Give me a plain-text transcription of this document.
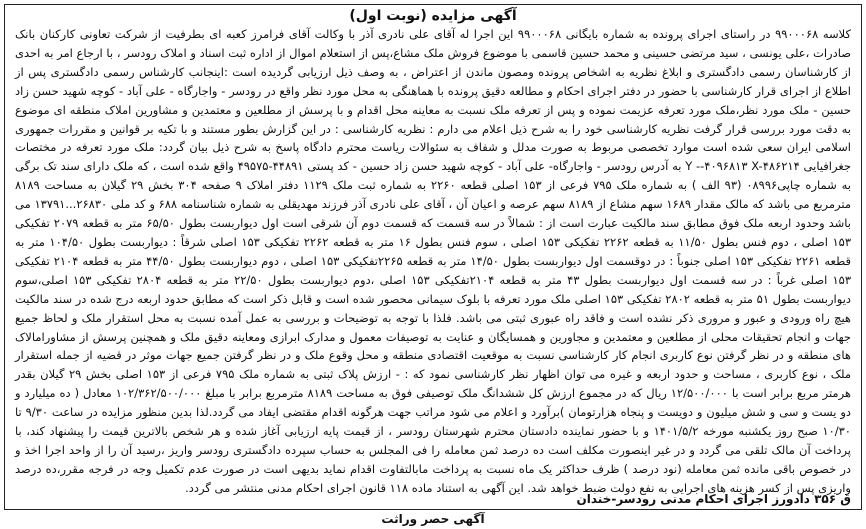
آگهی مزایده (نوبت اول)

کلاسه ۹۹۰۰۰۶۸ در راستای اجرای پرونده به شماره بایگانی ۹۹۰۰۰۶۸ این اجرا له آقای علی نادری آذر با وکالت آقای فرامرز کعبه ای بطرفیت از شرکت تعاونی کارکنان بانک صادرات ،علی یونسی ، سید مرتضی حسینی و محمد حسین قاسمی با موضوع فروش ملک مشاع،پس از استعلام اموال از اداره ثبت اسناد و املاک رودسر ، با ارجاع امر به احدی از کارشناسان رسمی دادگستری و ابلاغ نظریه به اشخاص پرونده ومصون ماندن از اعتراض ، به وصف ذیل ارزیابی گردیده است :اینجانب کارشناس رسمی دادگستری پس از اطلاع از اجرای قرار کارشناسی با حضور در دفتر اجرای احکام و مطالعه دقیق پرونده با هماهنگی به محل مورد نظر واقع در رودسر - واجارگاه - علی آباد - کوچه شهید حسن زاد حسین - ملک مورد نظر،ملک مورد تعرفه عزیمت نموده و پس از تعرفه ملک نسبت به معاینه محل اقدام و با پرسش از مطلعین و معتمدین و مشاورین املاک منطقه ای موضوع به دقت مورد بررسی قرار گرفت نظریه کارشناسی خود را به شرح ذیل اعلام می دارم : نظریه کارشناسی : در این گزارش بطور مستند و با تکیه بر قوانین و مقررات جمهوری اسلامی ایران سعی شده است موارد تخصصی مربوط به صورت مدلل و شفاف به سئوالات ریاست محترم دادگاه پاسخ به شرح ذیل بیان گردد: ملک مورد تعرفه در مختصات جغرافیایی Y --۴۰۹۶۸۱۳ X-۴۸۶۲۱۴ به آدرس رودسر - واجارگاه- علی آباد - کوچه شهید حسن زاد حسین - کد پستی ۴۴۸۹۱-۴۹۵۷۵ واقع شده است ، که ملک دارای سند تک برگی به شماره چاپی۰۸۹۹۶ (۹۳ الف ) به شماره ملک ۷۹۵ فرعی از ۱۵۳ اصلی قطعه ۲۲۶۰ به شماره ثبت ملک ۱۱۲۹ دفتر املاک ۹ صفحه ۳۰۴ بخش ۲۹ گیلان به مساحت ۸۱۸۹ مترمربع می باشد که مالک مقدار ۱۶۸۹ سهم مشاع از ۸۱۸۹ سهم عرصه و اعیان آن ، آقای علی نادری آذر فرزند مهدیقلی به شماره شناسنامه ۶۸۸ و کد ملی ۲۶۸۳۰...۱۳۷۹۱ می باشد وحدود اربعه ملک فوق مطابق سند مالکیت عبارت است از : شمالاً در سه قسمت که قسمت دوم آن شرقی است اول دیواربست بطول ۶۵/۵۰ متر به قطعه ۲۰۷۹ تفکیکی ۱۵۳ اصلی ، دوم فنس بطول ۱۱/۵۰ به قطعه ۲۲۶۲ تفکیکی ۱۵۳ اصلی ، سوم فنس بطول ۱۶ متر به قطعه ۲۲۶۲ تفکیکی ۱۵۳ اصلی شرقاً : دیواربست بطول ۱۰۴/۵۰ متر به قطعه ۲۲۶۱ تفکیکی ۱۵۳ اصلی جنوباً : در دوقسمت اول دیواربست بطول ۱۴/۵۰ متر به قطعه ۲۲۶۵تفکیکی ۱۵۳ اصلی ، دوم دیواربست بطول ۴۴/۵۰ متر به قطعه ۲۱۰۴ تفکیکی ۱۵۳ اصلی غرباً : در سه قسمت اول دیواربست بطول ۴۳ متر به قطعه ۲۱۰۴تفکیکی ۱۵۳ اصلی ،دوم دیواربست بطول ۲۲/۵۰ متر به قطعه ۲۸۰۴ تفکیکی ۱۵۳ اصلی،سوم دیواربست بطول ۵۱ متر به قطعه ۲۸۰۲ تفکیکی ۱۵۳ اصلی ملک مورد تعرفه با بلوک سیمانی محصور شده است و قابل ذکر است که مطابق حدود اربعه درج شده در سند مالکیت هیچ راه ورودی و عبور و مروری ذکر نشده است و فاقد راه عبوری ثبتی می باشد. فلذا با توجه به توضیحات و بررسی به عمل آمده نسبت به محل استقرار ملک و لحاظ جمیع جهات و انجام تحقیقات محلی از مطلعین و معتمدین و مجاورین و همسایگان و عنایت به توصیفات معمول و مدارک ابرازی ومعاینه دقیق ملک و همچنین پرسش از مشاورامالاک های منطقه و در نظر گرفتن نوع کاربری انجام کار کارشناسی نسبت به موقعیت اقتصادی منطقه و محل وقوع ملک و در نظر گرفتن جمیع جهات موثر در قضیه از جمله استقرار ملک ، نوع کاربری ، مساحت و حدود اربعه و غیره می توان اظهار نظر کارشناسی نمود که : - ارزش پلاک ثبتی به شماره ملک ۷۹۵ فرعی از ۱۵۳ اصلی بخش ۲۹ گیلان بقدر هرمتر مربع برابر است با ۱۲/۵۰۰/۰۰۰ ریال که در مجموع ارزش کل ششدانگ ملک توصیفی فوق به مساحت ۸۱۸۹ مترمربع برابر با مبلغ ۱۰۲/۳۶۲/۵۰۰/۰۰۰ معادل ( ده میلیارد و دو یست و سی و شش میلیون و دویست و پنجاه هزارتومان )برآورد و اعلام می شود مراتب جهت هرگونه اقدام مقتضی ایفاد می گردد.لذا بدین منظور مزایده در ساعت ۹/۳۰ تا ۱۰/۳۰ صبح روز یکشنبه مورخه ۱۴۰۱/۵/۲ و با حضور نماینده دادستان محترم شهرستان رودسر ، از قیمت پایه ارزیابی آغاز شده و هر شخص بالاترین قیمت را پیشنهاد کند، با پرداخت آن مالک تلقی می گردد و در غیر اینصورت مکلف است ده درصد ثمن معامله را فی المجلس به حساب سپرده دادگستری رودسر واریز ،رسید آن را از واحد اجرا اخذ و در خصوص باقی مانده ثمن معامله (نود درصد ) ظرف حداکثر یک ماه نسبت به پرداخت مابالتفاوت اقدام نماید بدیهی است در صورت عدم تکمیل وجه در فرجه مقرر،ده درصد واریزی پس از کسر هزینه های اجرایی به نفع دولت ضبط خواهد شد. این آگهی به استناد ماده ۱۱۸ قانون اجرای احکام مدنی منتشر می گردد.

ق ۳۵۶ دادورز اجرای احکام مدنی رودسر-خندان
آگهی حصر وراثت
